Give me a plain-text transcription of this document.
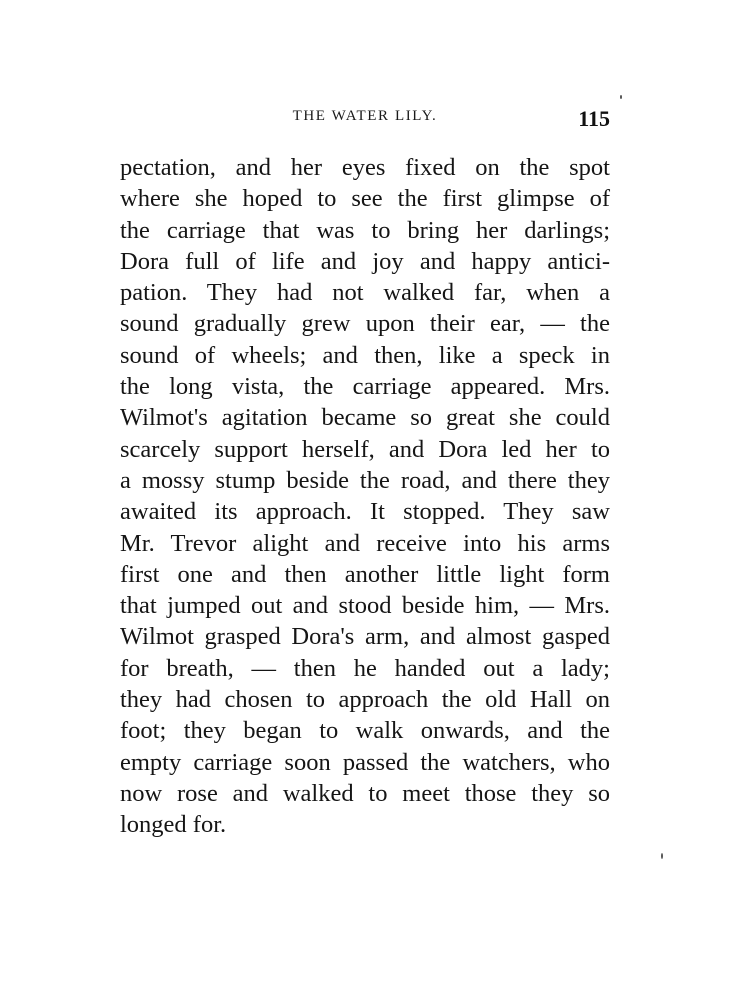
THE WATER LILY.	115
pectation, and her eyes fixed on the spot
where she hoped to see the first glimpse of
the carriage that was to bring her darlings;
Dora full of life and joy and happy antici-
pation. They had not walked far, when a
sound gradually grew upon their ear, — the
sound of wheels; and then, like a speck in
the long vista, the carriage appeared. Mrs.
Wilmot's agitation became so great she could
scarcely support herself, and Dora led her to
a mossy stump beside the road, and there they
awaited its approach. It stopped. They saw
Mr. Trevor alight and receive into his arms
first one and then another little light form
that jumped out and stood beside him, — Mrs.
Wilmot grasped Dora's arm, and almost gasped
for breath, — then he handed out a lady;
they had chosen to approach the old Hall on
foot; they began to walk onwards, and the
empty carriage soon passed the watchers, who
now rose and walked to meet those they so
longed for.
